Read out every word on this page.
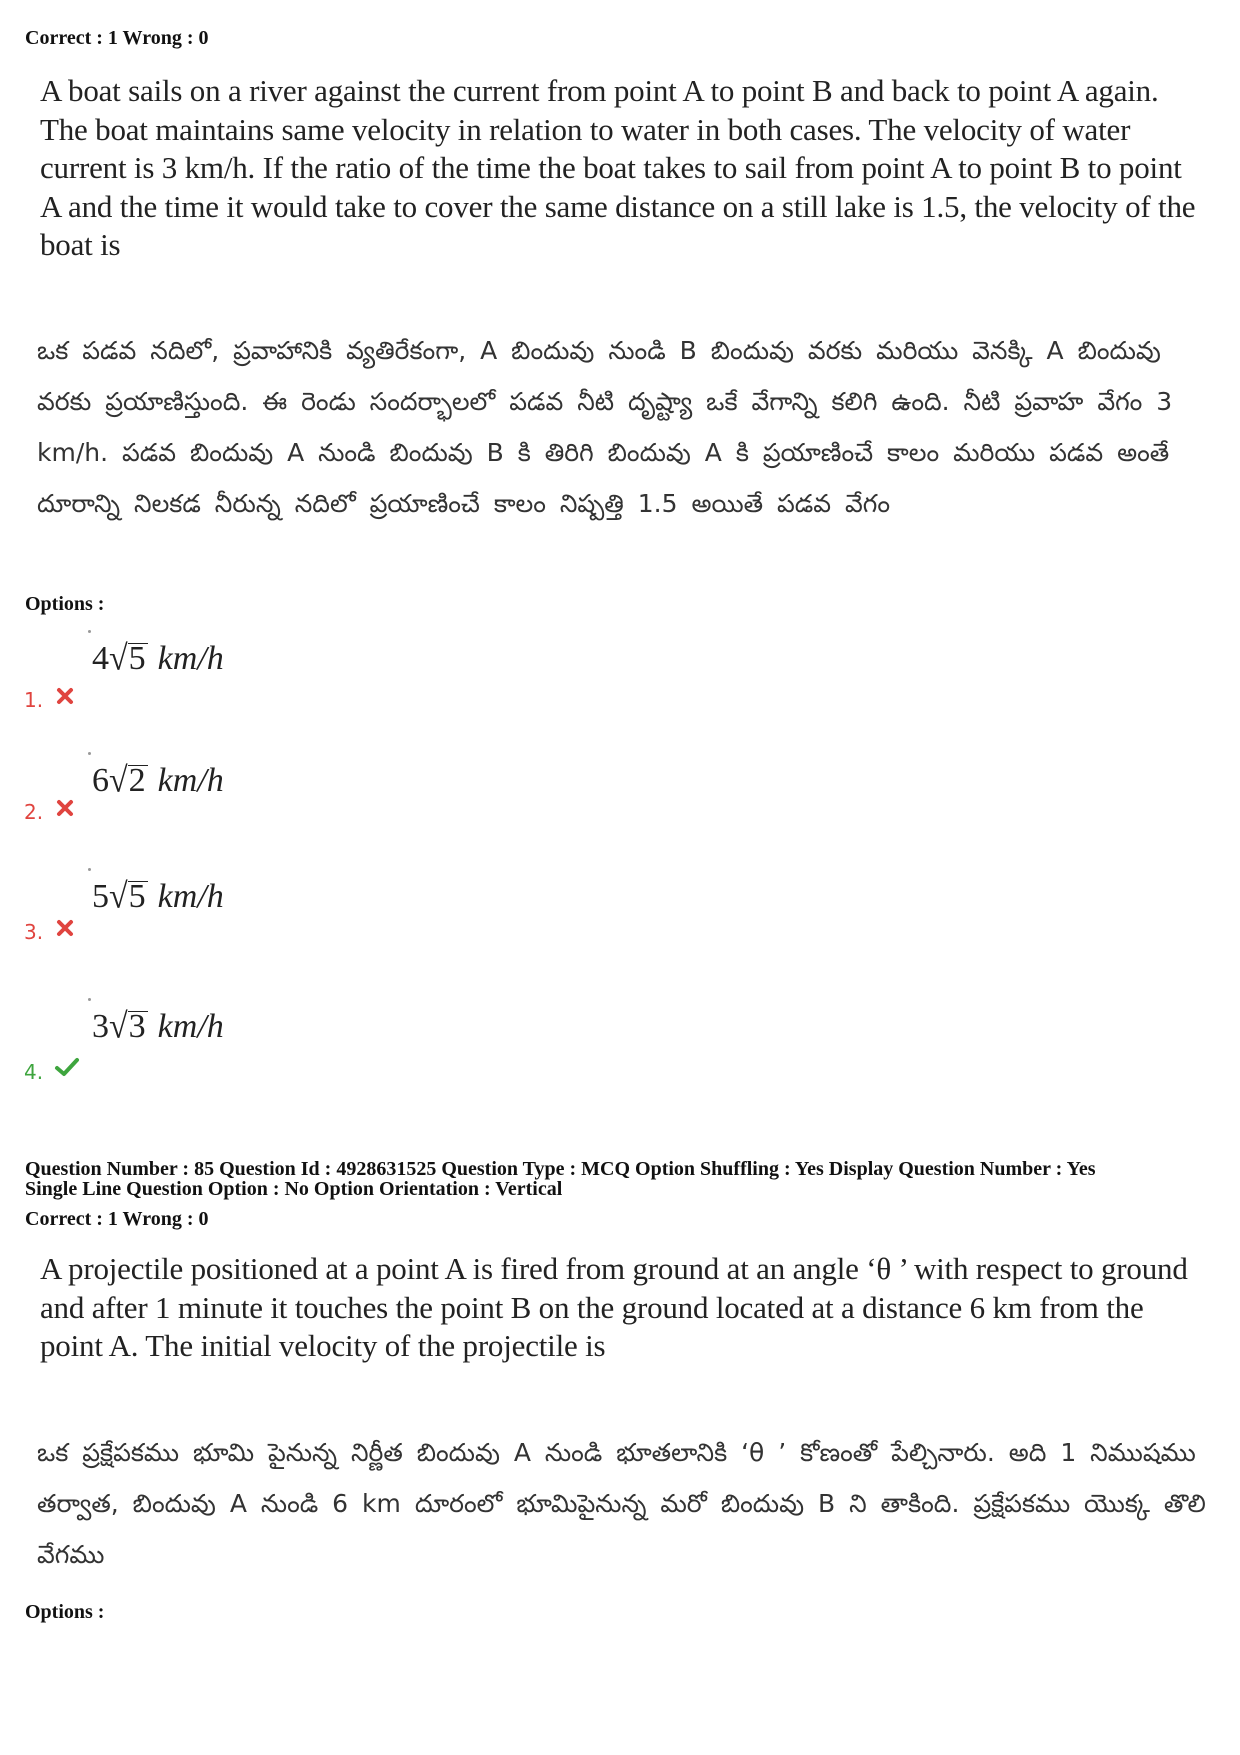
Correct : 1 Wrong : 0
A boat sails on a river against the current from point A to point B and back to point A again. The boat maintains same velocity in relation to water in both cases. The velocity of water current is 3 km/h. If the ratio of the time the boat takes to sail from point A to point B to point A and the time it would take to cover the same distance on a still lake is 1.5, the velocity of the boat is
ఒక పడవ నదిలో, ప్రవాహానికి వ్యతిరేకంగా, A బిందువు నుండి B బిందువు వరకు మరియు వెనక్కి A బిందువు వరకు ప్రయాణిస్తుంది. ఈ రెండు సందర్భాలలో పడవ నీటి దృష్ట్యా ఒకే వేగాన్ని కలిగి ఉంది. నీటి ప్రవాహ వేగం 3 km/h. పడవ బిందువు A నుండి బిందువు B కి తిరిగి బిందువు A కి ప్రయాణించే కాలం మరియు పడవ అంతే దూరాన్ని నిలకడ నీరున్న నదిలో ప్రయాణించే కాలం నిష్పత్తి 1.5 అయితే పడవ వేగం
Options :
4√5 km/h
1.
6√2 km/h
2.
5√5 km/h
3.
3√3 km/h
4.
Question Number : 85 Question Id : 4928631525 Question Type : MCQ Option Shuffling : Yes Display Question Number : Yes
Single Line Question Option : No Option Orientation : Vertical
Correct : 1 Wrong : 0
A projectile positioned at a point A is fired from ground at an angle ‘θ ’ with respect to ground and after 1 minute it touches the point B on the ground located at a distance 6 km from the point A. The initial velocity of the projectile is
ఒక ప్రక్షేపకము భూమి పైనున్న నిర్ణీత బిందువు A నుండి భూతలానికి ‘θ ’ కోణంతో పేల్చినారు. అది 1 నిముషము తర్వాత, బిందువు A నుండి 6 km దూరంలో భూమిపైనున్న మరో బిందువు B ని తాకింది. ప్రక్షేపకము యొక్క తొలి వేగము
Options :
